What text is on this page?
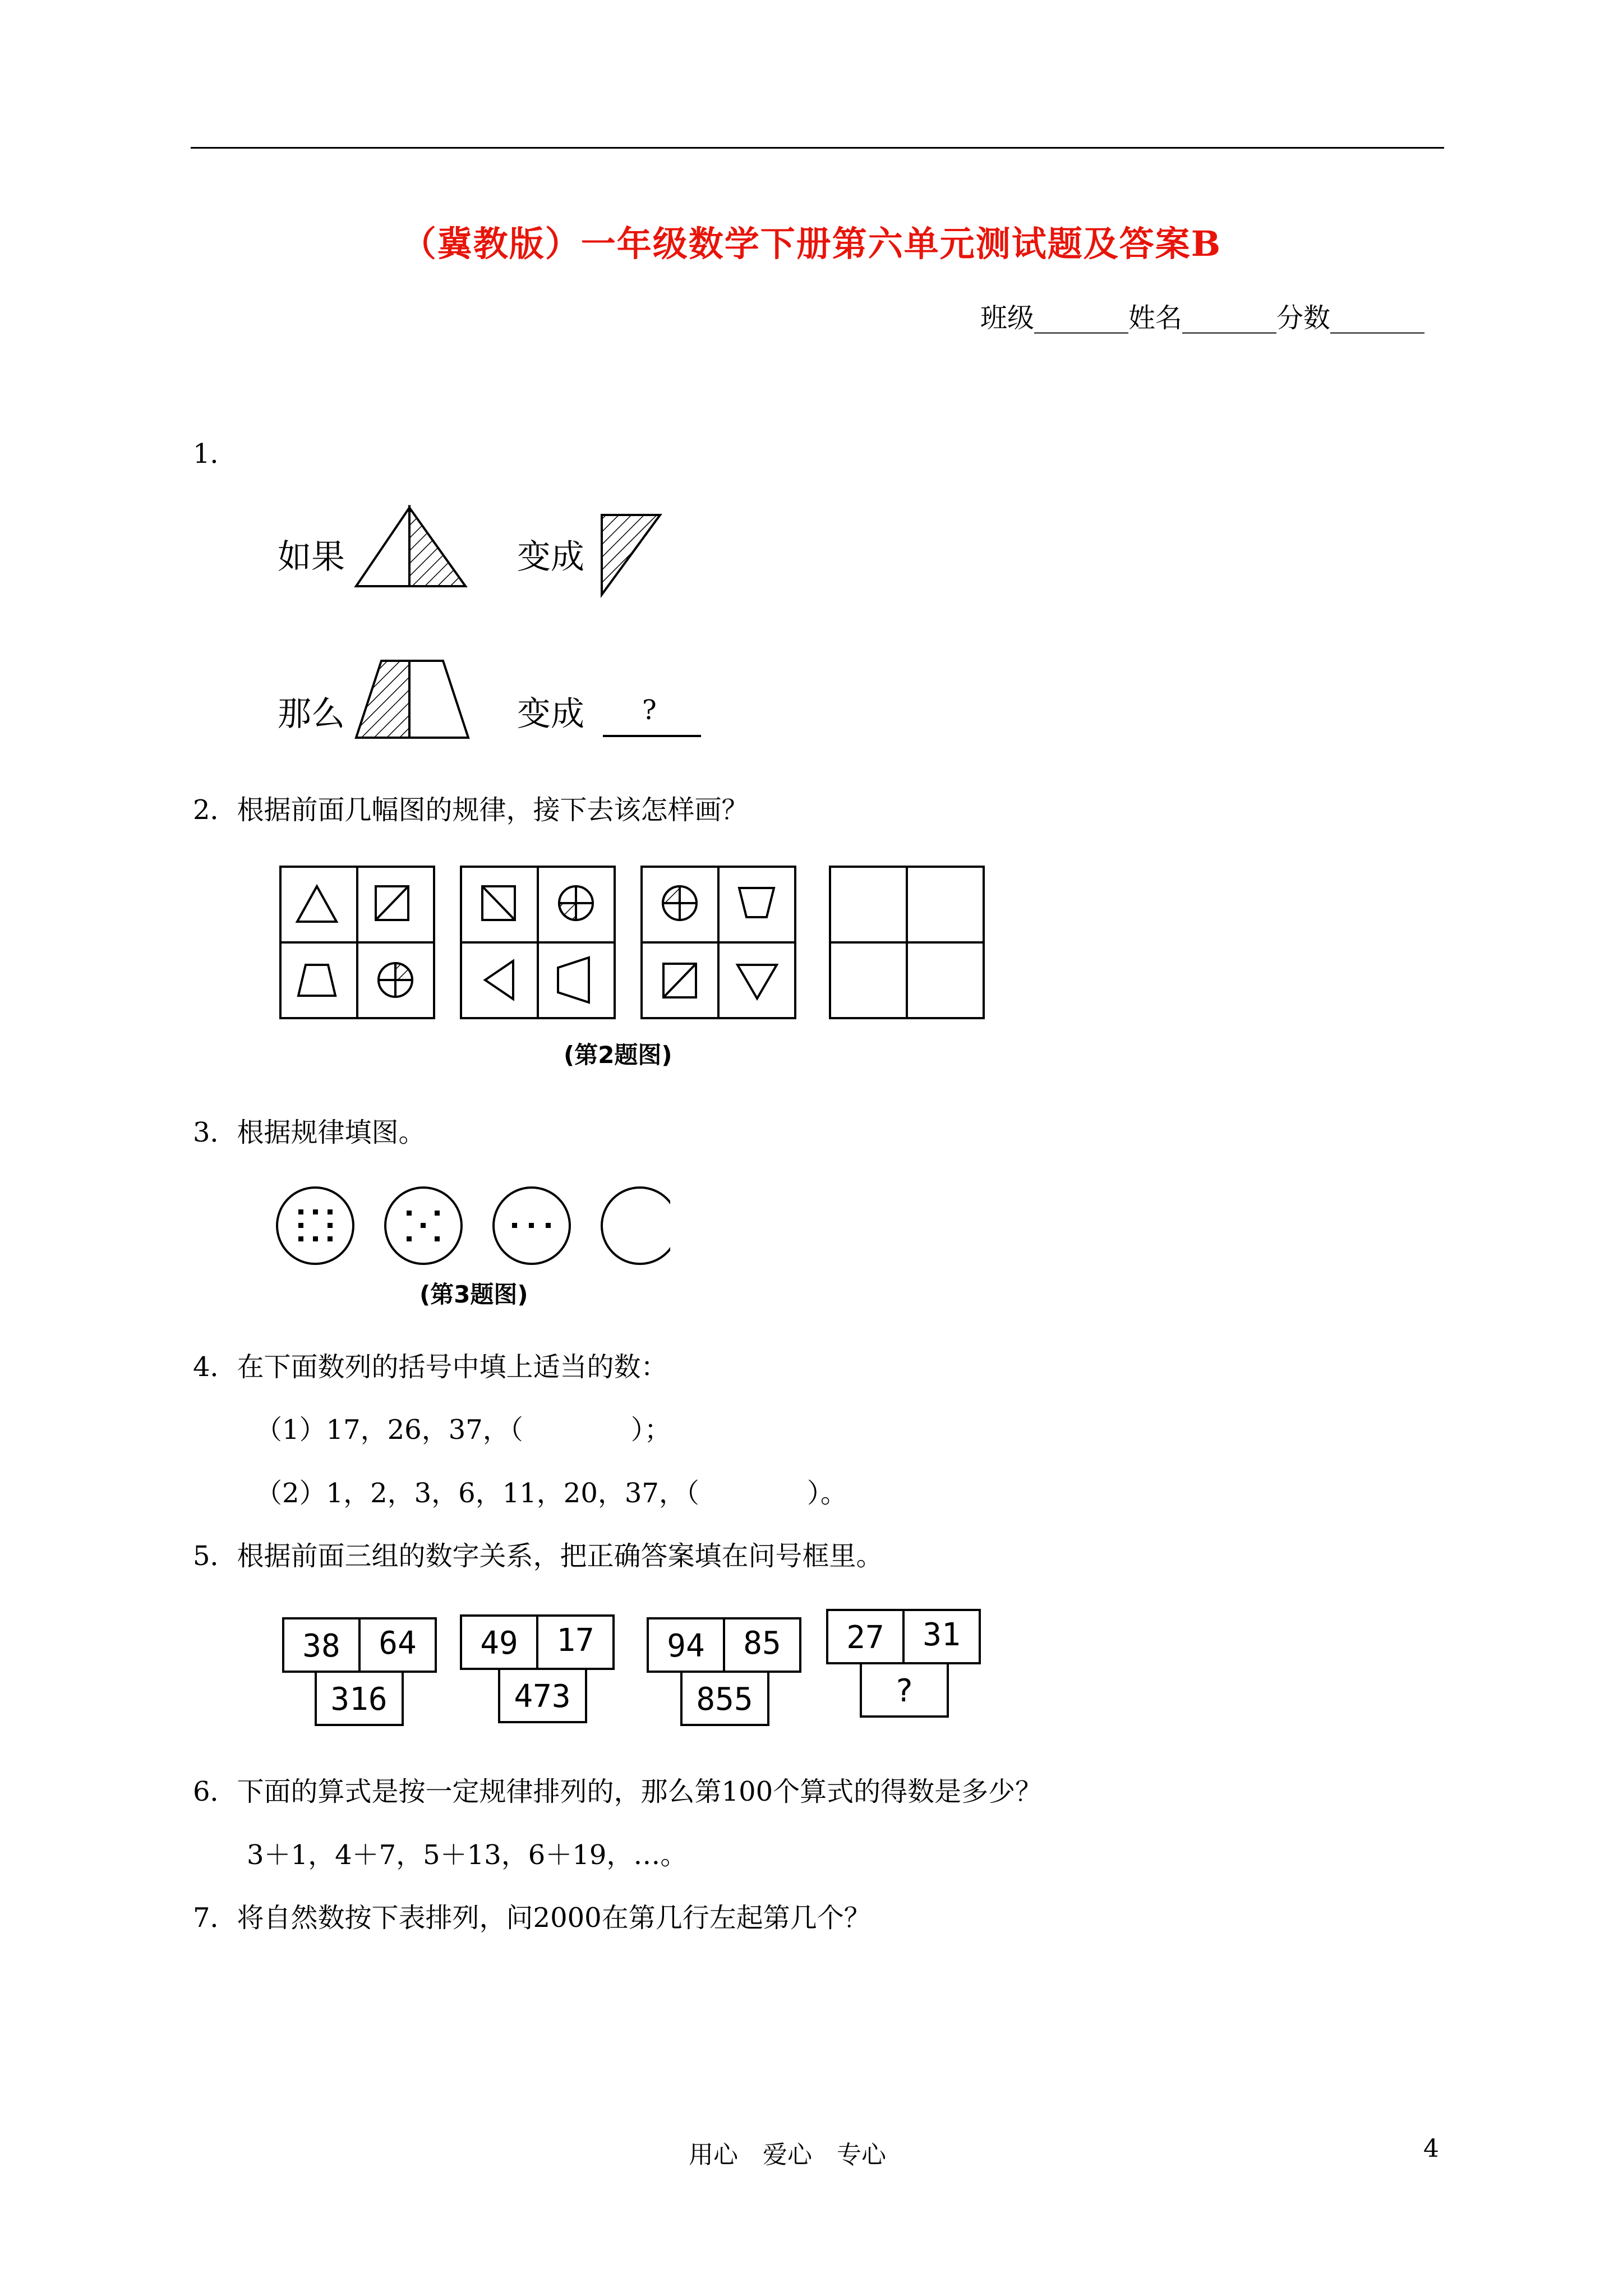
（冀教版）一年级数学下册第六单元测试题及答案B
班级_______姓名_______分数_______
1．
如果	变成
那么	变成 ?
2．根据前面几幅图的规律，接下去该怎样画？
(第2题图)
3．根据规律填图。
(第3题图)
4．在下面数列的括号中填上适当的数：
（1）17，26，37，（　　　　）；
（2）1，2，3，6，11，20，37，（　　　　）。
5．根据前面三组的数字关系，把正确答案填在问号框里。
38 64
316
49 17
473
94 85
855
27 31
?
6．下面的算式是按一定规律排列的，那么第100个算式的得数是多少？
3＋1，4＋7，5＋13，6＋19，…。
7．将自然数按下表排列，问2000在第几行左起第几个？
用心　爱心　专心	4
